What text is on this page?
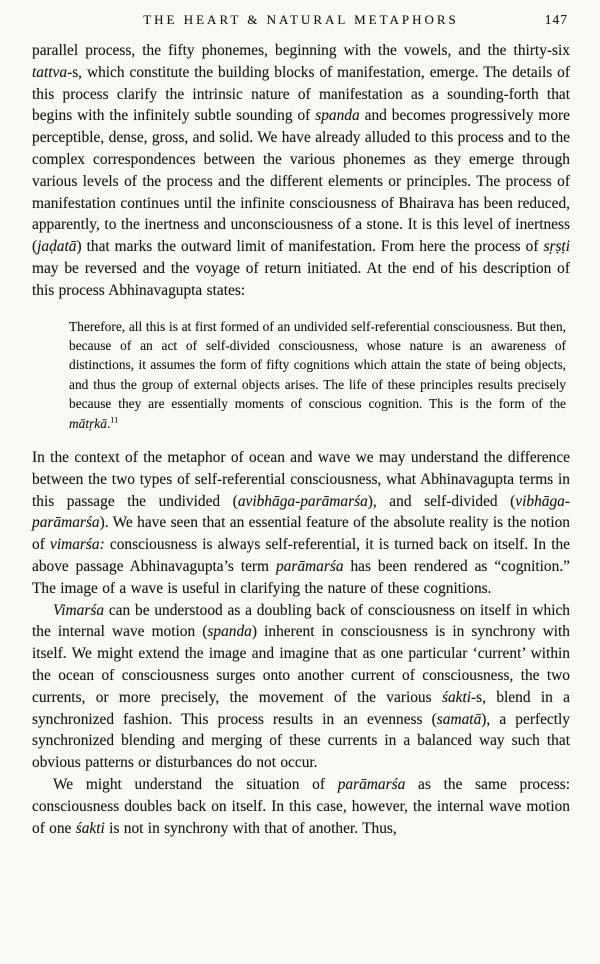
THE HEART & NATURAL METAPHORS	147

parallel process, the fifty phonemes, beginning with the vowels, and the thirty-six tattva-s, which constitute the building blocks of manifestation, emerge. The details of this process clarify the intrinsic nature of manifestation as a sounding-forth that begins with the infinitely subtle sounding of spanda and becomes progressively more perceptible, dense, gross, and solid. We have already alluded to this process and to the complex correspondences between the various phonemes as they emerge through various levels of the process and the different elements or principles. The process of manifestation continues until the infinite consciousness of Bhairava has been reduced, apparently, to the inertness and unconsciousness of a stone. It is this level of inertness (jaḍatā) that marks the outward limit of manifestation. From here the process of sṛṣṭi may be reversed and the voyage of return initiated. At the end of his description of this process Abhinavagupta states:

Therefore, all this is at first formed of an undivided self-referential consciousness. But then, because of an act of self-divided consciousness, whose nature is an awareness of distinctions, it assumes the form of fifty cognitions which attain the state of being objects, and thus the group of external objects arises. The life of these principles results precisely because they are essentially moments of conscious cognition. This is the form of the mātṛkā.$^{11}$

In the context of the metaphor of ocean and wave we may understand the difference between the two types of self-referential consciousness, what Abhinavagupta terms in this passage the undivided (avibhāga-parāmarśa), and self-divided (vibhāga-parāmarśa). We have seen that an essential feature of the absolute reality is the notion of vimarśa: consciousness is always self-referential, it is turned back on itself. In the above passage Abhinavagupta’s term parāmarśa has been rendered as “cognition.” The image of a wave is useful in clarifying the nature of these cognitions.

Vimarśa can be understood as a doubling back of consciousness on itself in which the internal wave motion (spanda) inherent in consciousness is in synchrony with itself. We might extend the image and imagine that as one particular ‘current’ within the ocean of consciousness surges onto another current of consciousness, the two currents, or more precisely, the movement of the various śakti-s, blend in a synchronized fashion. This process results in an evenness (samatā), a perfectly synchronized blending and merging of these currents in a balanced way such that obvious patterns or disturbances do not occur.

We might understand the situation of parāmarśa as the same process: consciousness doubles back on itself. In this case, however, the internal wave motion of one śakti is not in synchrony with that of another. Thus,
